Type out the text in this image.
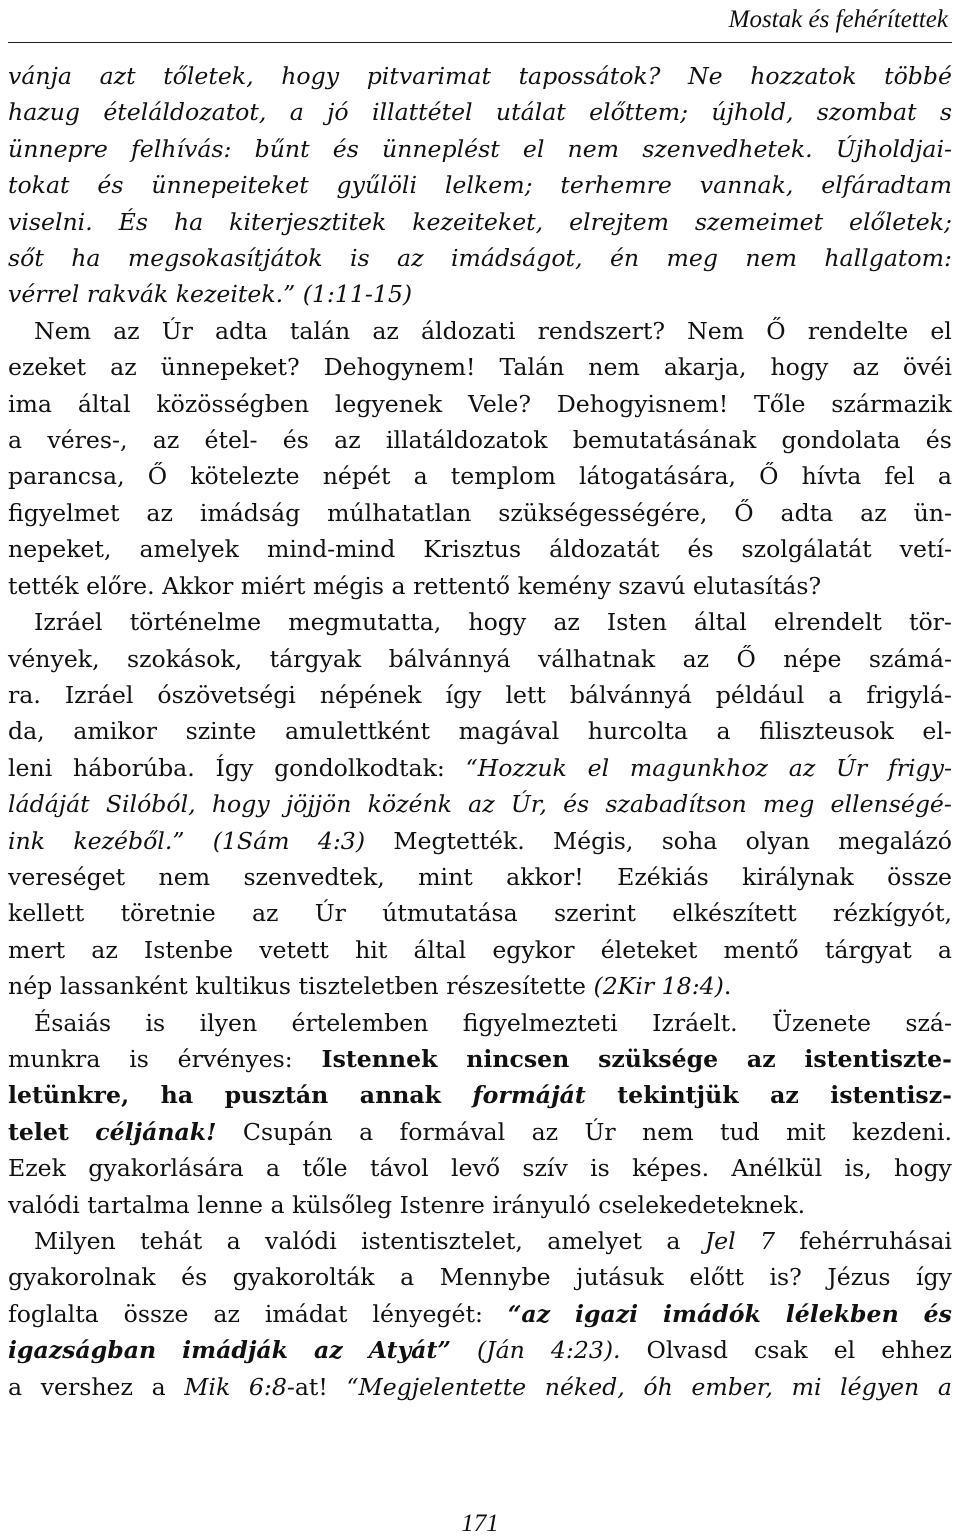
Mostak és fehérítettek
vánja azt tőletek, hogy pitvarimat tapossátok? Ne hozzatok többé
hazug ételáldozatot, a jó illattétel utálat előttem; újhold, szombat s
ünnepre felhívás: bűnt és ünneplést el nem szenvedhetek. Újholdjai-
tokat és ünnepeiteket gyűlöli lelkem; terhemre vannak, elfáradtam
viselni. És ha kiterjesztitek kezeiteket, elrejtem szemeimet előletek;
sőt ha megsokasítjátok is az imádságot, én meg nem hallgatom:
vérrel rakvák kezeitek.” (1:11-15)
Nem az Úr adta talán az áldozati rendszert? Nem Ő rendelte el
ezeket az ünnepeket? Dehogynem! Talán nem akarja, hogy az övéi
ima által közösségben legyenek Vele? Dehogyisnem! Tőle származik
a véres-, az étel- és az illatáldozatok bemutatásának gondolata és
parancsa, Ő kötelezte népét a templom látogatására, Ő hívta fel a
figyelmet az imádság múlhatatlan szükségességére, Ő adta az ün-
nepeket, amelyek mind-mind Krisztus áldozatát és szolgálatát vetí-
tették előre. Akkor miért mégis a rettentő kemény szavú elutasítás?
Izráel történelme megmutatta, hogy az Isten által elrendelt tör-
vények, szokások, tárgyak bálvánnyá válhatnak az Ő népe számá-
ra. Izráel ószövetségi népének így lett bálvánnyá például a frigylá-
da, amikor szinte amulettként magával hurcolta a filiszteusok el-
leni háborúba. Így gondolkodtak: “Hozzuk el magunkhoz az Úr frigy-
ládáját Silóból, hogy jöjjön közénk az Úr, és szabadítson meg ellenségé-
ink kezéből.” (1Sám 4:3) Megtették. Mégis, soha olyan megalázó
vereséget nem szenvedtek, mint akkor! Ezékiás királynak össze
kellett töretnie az Úr útmutatása szerint elkészített rézkígyót,
mert az Istenbe vetett hit által egykor életeket mentő tárgyat a
nép lassanként kultikus tiszteletben részesítette (2Kir 18:4).
Ésaiás is ilyen értelemben figyelmezteti Izráelt. Üzenete szá-
munkra is érvényes: Istennek nincsen szüksége az istentiszte-
letünkre, ha pusztán annak formáját tekintjük az istentisz-
telet céljának! Csupán a formával az Úr nem tud mit kezdeni.
Ezek gyakorlására a tőle távol levő szív is képes. Anélkül is, hogy
valódi tartalma lenne a külsőleg Istenre irányuló cselekedeteknek.
Milyen tehát a valódi istentisztelet, amelyet a Jel 7 fehérruhásai
gyakorolnak és gyakorolták a Mennybe jutásuk előtt is? Jézus így
foglalta össze az imádat lényegét: “az igazi imádók lélekben és
igazságban imádják az Atyát” (Ján 4:23). Olvasd csak el ehhez
a vershez a Mik 6:8-at! “Megjelentette néked, óh ember, mi légyen a
171
